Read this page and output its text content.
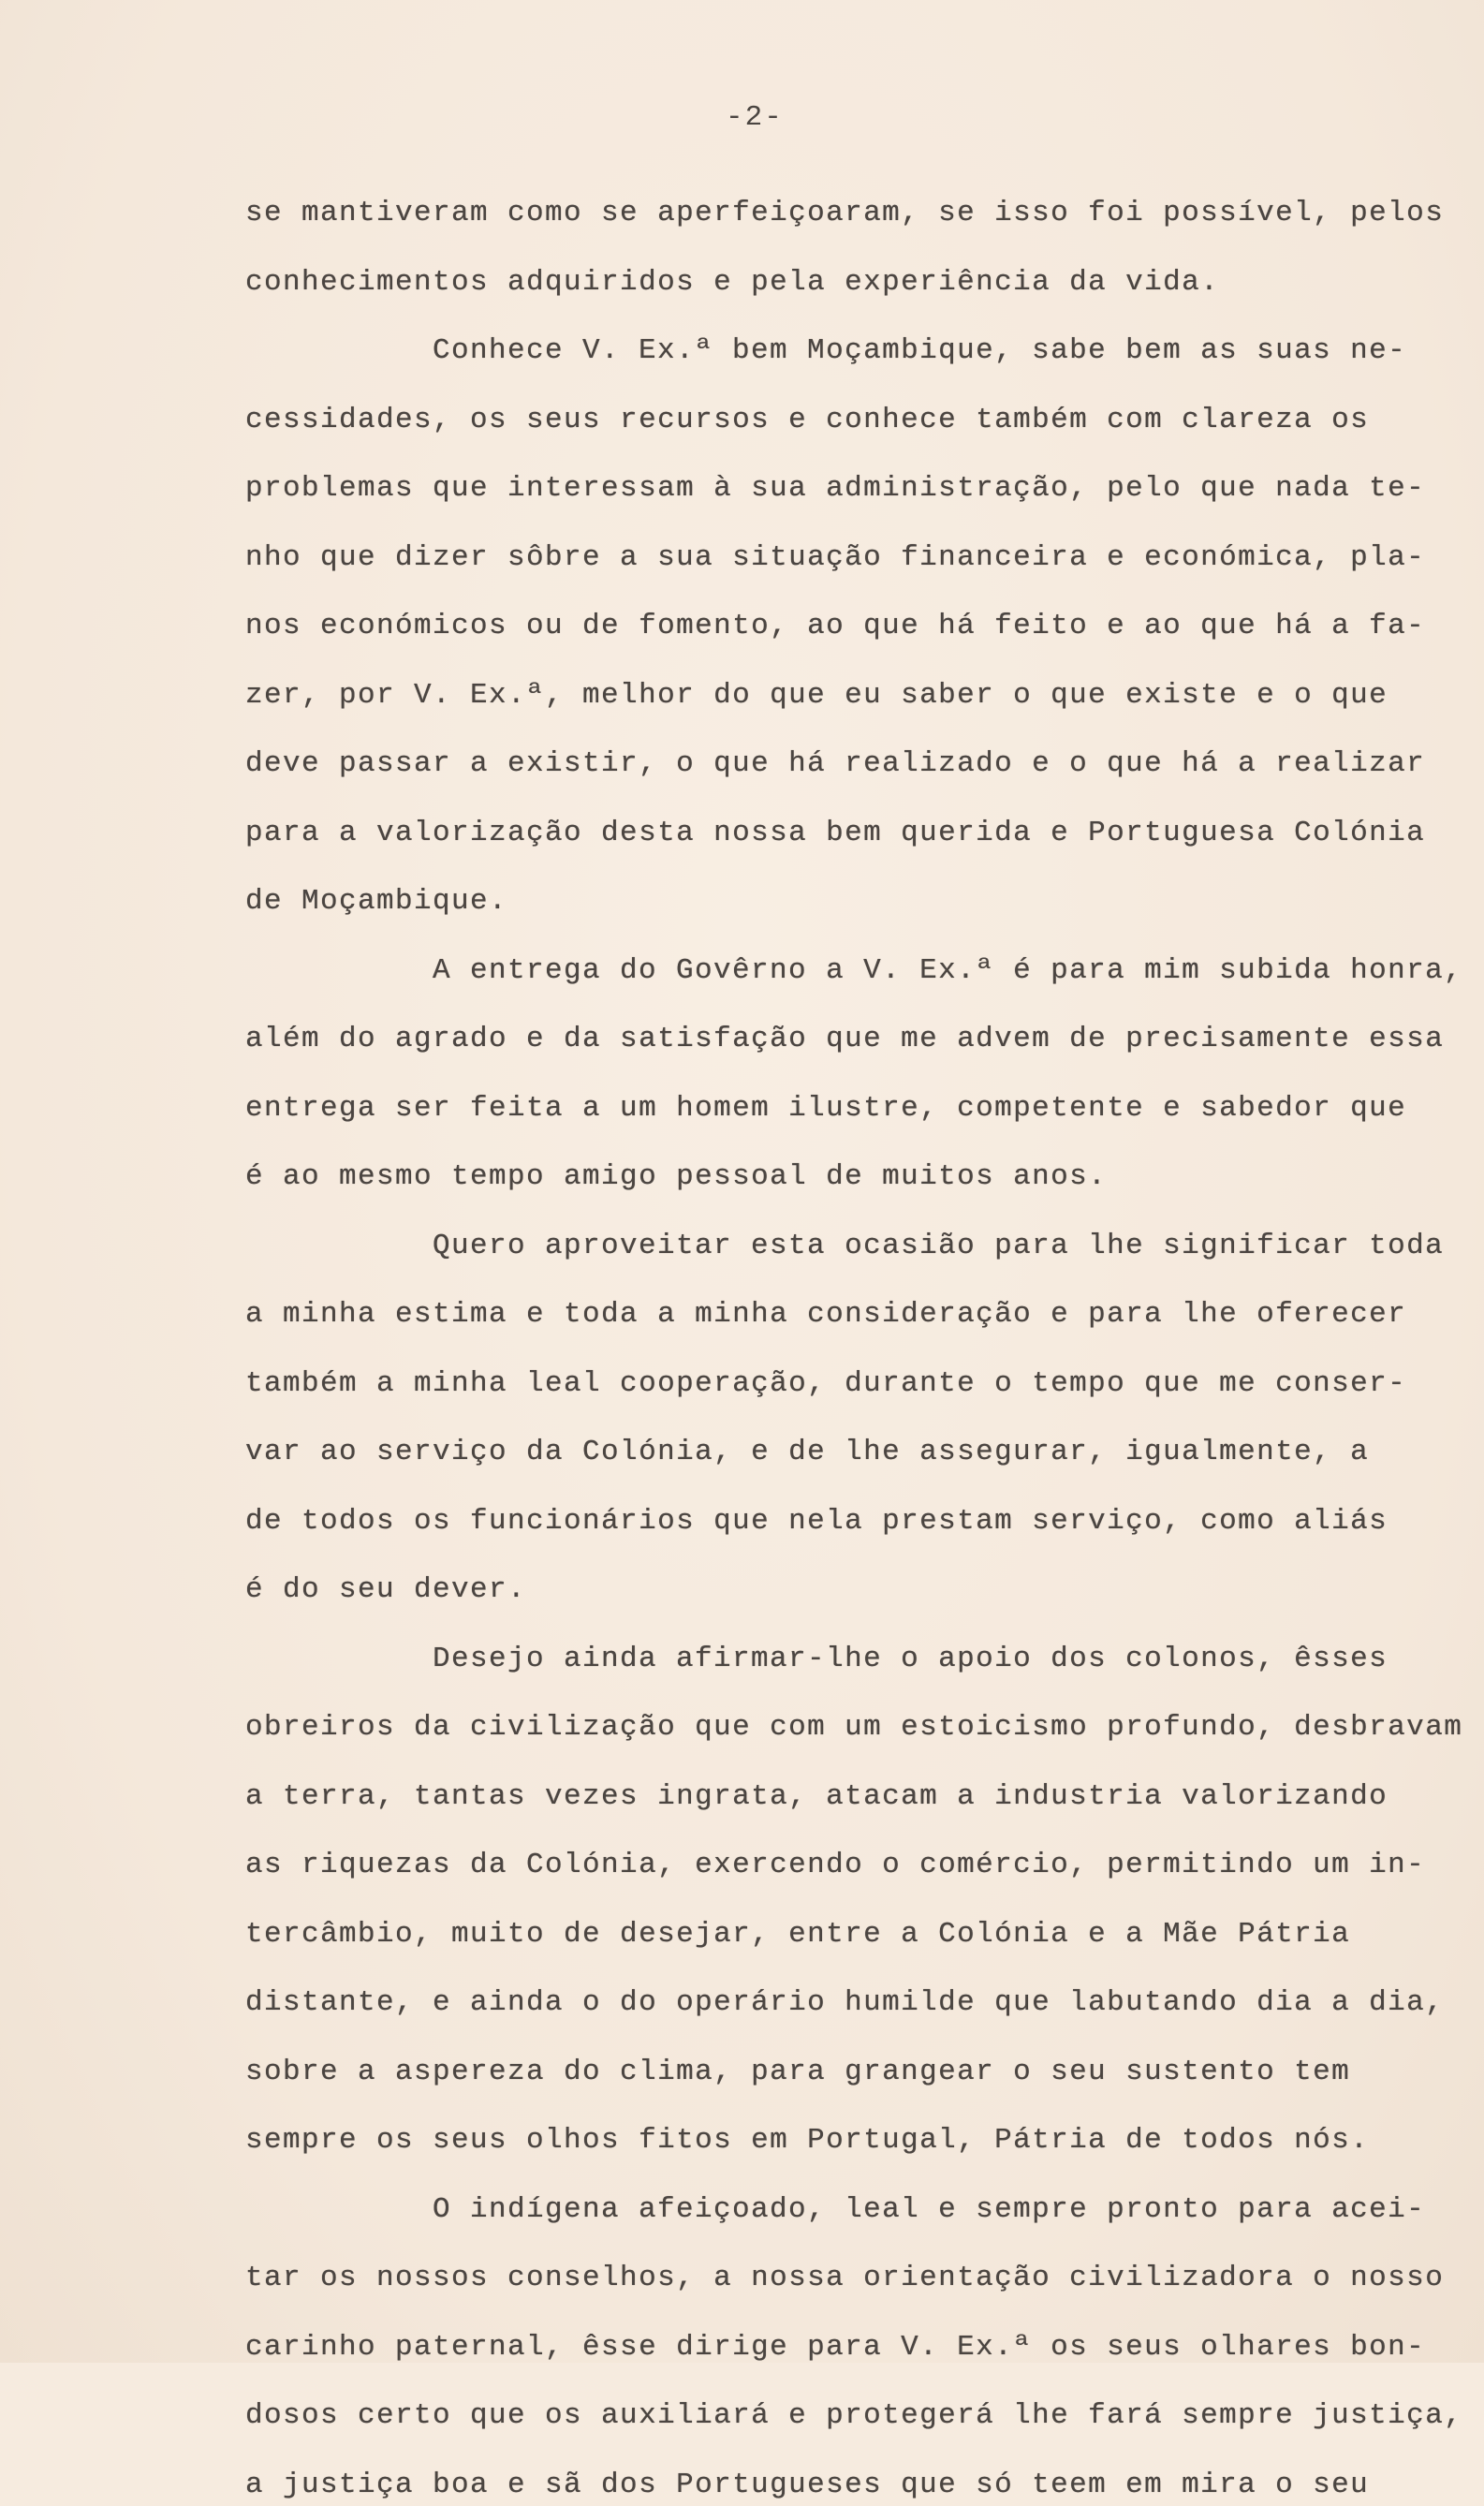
-2-
se mantiveram como se aperfeiçoaram, se isso foi possível, pelos
conhecimentos adquiridos e pela experiência da vida.
Conhece V. Ex.ª bem Moçambique, sabe bem as suas ne-
cessidades, os seus recursos e conhece também com clareza os
problemas que interessam à sua administração, pelo que nada te-
nho que dizer sôbre a sua situação financeira e económica, pla-
nos económicos ou de fomento, ao que há feito e ao que há a fa-
zer, por V. Ex.ª, melhor do que eu saber o que existe e o que
deve passar a existir, o que há realizado e o que há a realizar
para a valorização desta nossa bem querida e Portuguesa Colónia
de Moçambique.
A entrega do Govêrno a V. Ex.ª é para mim subida honra,
além do agrado e da satisfação que me advem de precisamente essa
entrega ser feita a um homem ilustre, competente e sabedor que
é ao mesmo tempo amigo pessoal de muitos anos.
Quero aproveitar esta ocasião para lhe significar toda
a minha estima e toda a minha consideração e para lhe oferecer
também a minha leal cooperação, durante o tempo que me conser-
var ao serviço da Colónia, e de lhe assegurar, igualmente, a
de todos os funcionários que nela prestam serviço, como aliás
é do seu dever.
Desejo ainda afirmar-lhe o apoio dos colonos, êsses
obreiros da civilização que com um estoicismo profundo, desbravam
a terra, tantas vezes ingrata, atacam a industria valorizando
as riquezas da Colónia, exercendo o comércio, permitindo um in-
tercâmbio, muito de desejar, entre a Colónia e a Mãe Pátria
distante, e ainda o do operário humilde que labutando dia a dia,
sobre a aspereza do clima, para grangear o seu sustento tem
sempre os seus olhos fitos em Portugal, Pátria de todos nós.
O indígena afeiçoado, leal e sempre pronto para acei-
tar os nossos conselhos, a nossa orientação civilizadora o nosso
carinho paternal, êsse dirige para V. Ex.ª os seus olhares bon-
dosos certo que os auxiliará e protegerá lhe fará sempre justiça,
a justiça boa e sã dos Portugueses que só teem em mira o seu
